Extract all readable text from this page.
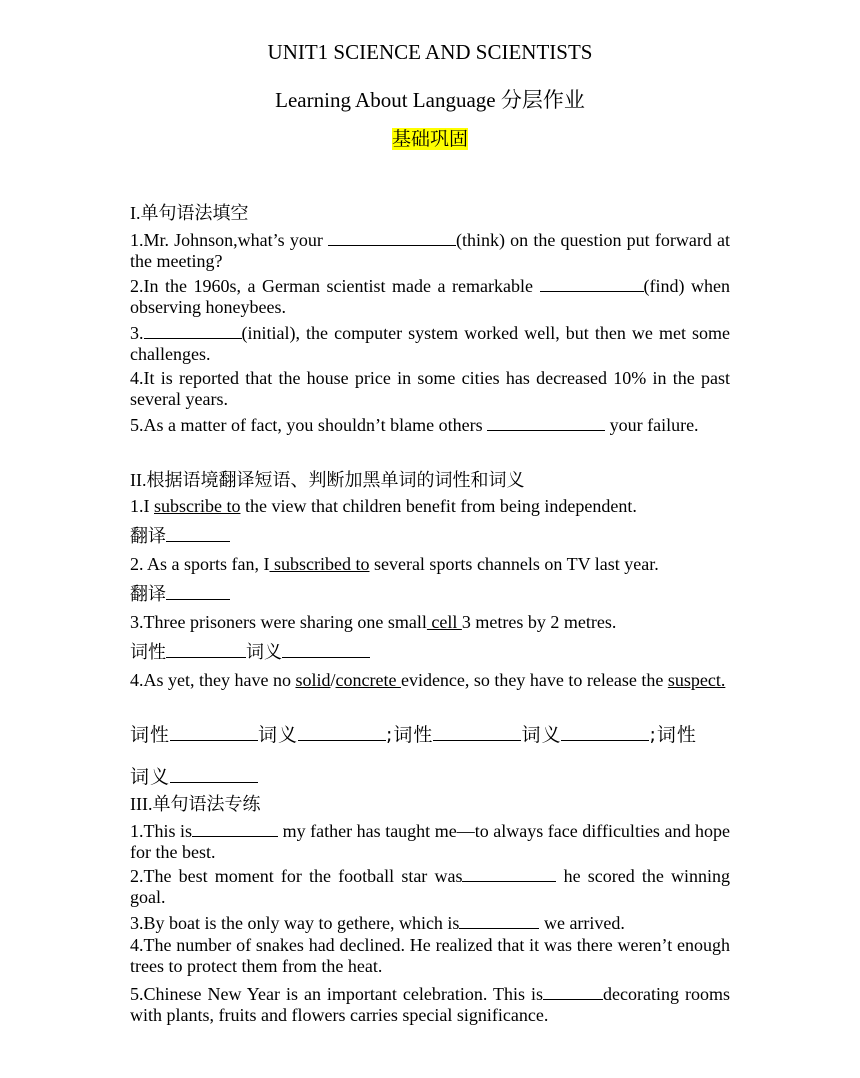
UNIT1 SCIENCE AND SCIENTISTS
Learning About Language 分层作业
基础巩固
I.单句语法填空
1.Mr. Johnson,what’s your	(think) on the question put forward at the meeting?
2.In the 1960s, a German scientist made a remarkable	(find) when observing honeybees.
3.	(initial), the computer system worked well, but then we met some challenges.
4.It is reported that the house price in some cities has decreased 10% in the past several years.
5.As a matter of fact, you shouldn’t blame others	your failure.
II.根据语境翻译短语、判断加黑单词的词性和词义
1.I subscribe to the view that children benefit from being independent.
翻译
2. As a sports fan, I subscribed to several sports channels on TV last year.
翻译
3.Three prisoners were sharing one small cell 3 metres by 2 metres.
词性	词义
4.As yet, they have no solid/concrete evidence, so they have to release the suspect.
词性	词义	;词性	词义	;词性
词义
III.单句语法专练
1.This is	my father has taught me—to always face difficulties and hope for the best.
2.The best moment for the football star was	he scored the winning goal.
3.By boat is the only way to gethere, which is	we arrived.
4.The number of snakes had declined. He realized that it was there weren’t enough trees to protect them from the heat.
5.Chinese New Year is an important celebration. This is	decorating rooms with plants, fruits and flowers carries special significance.
